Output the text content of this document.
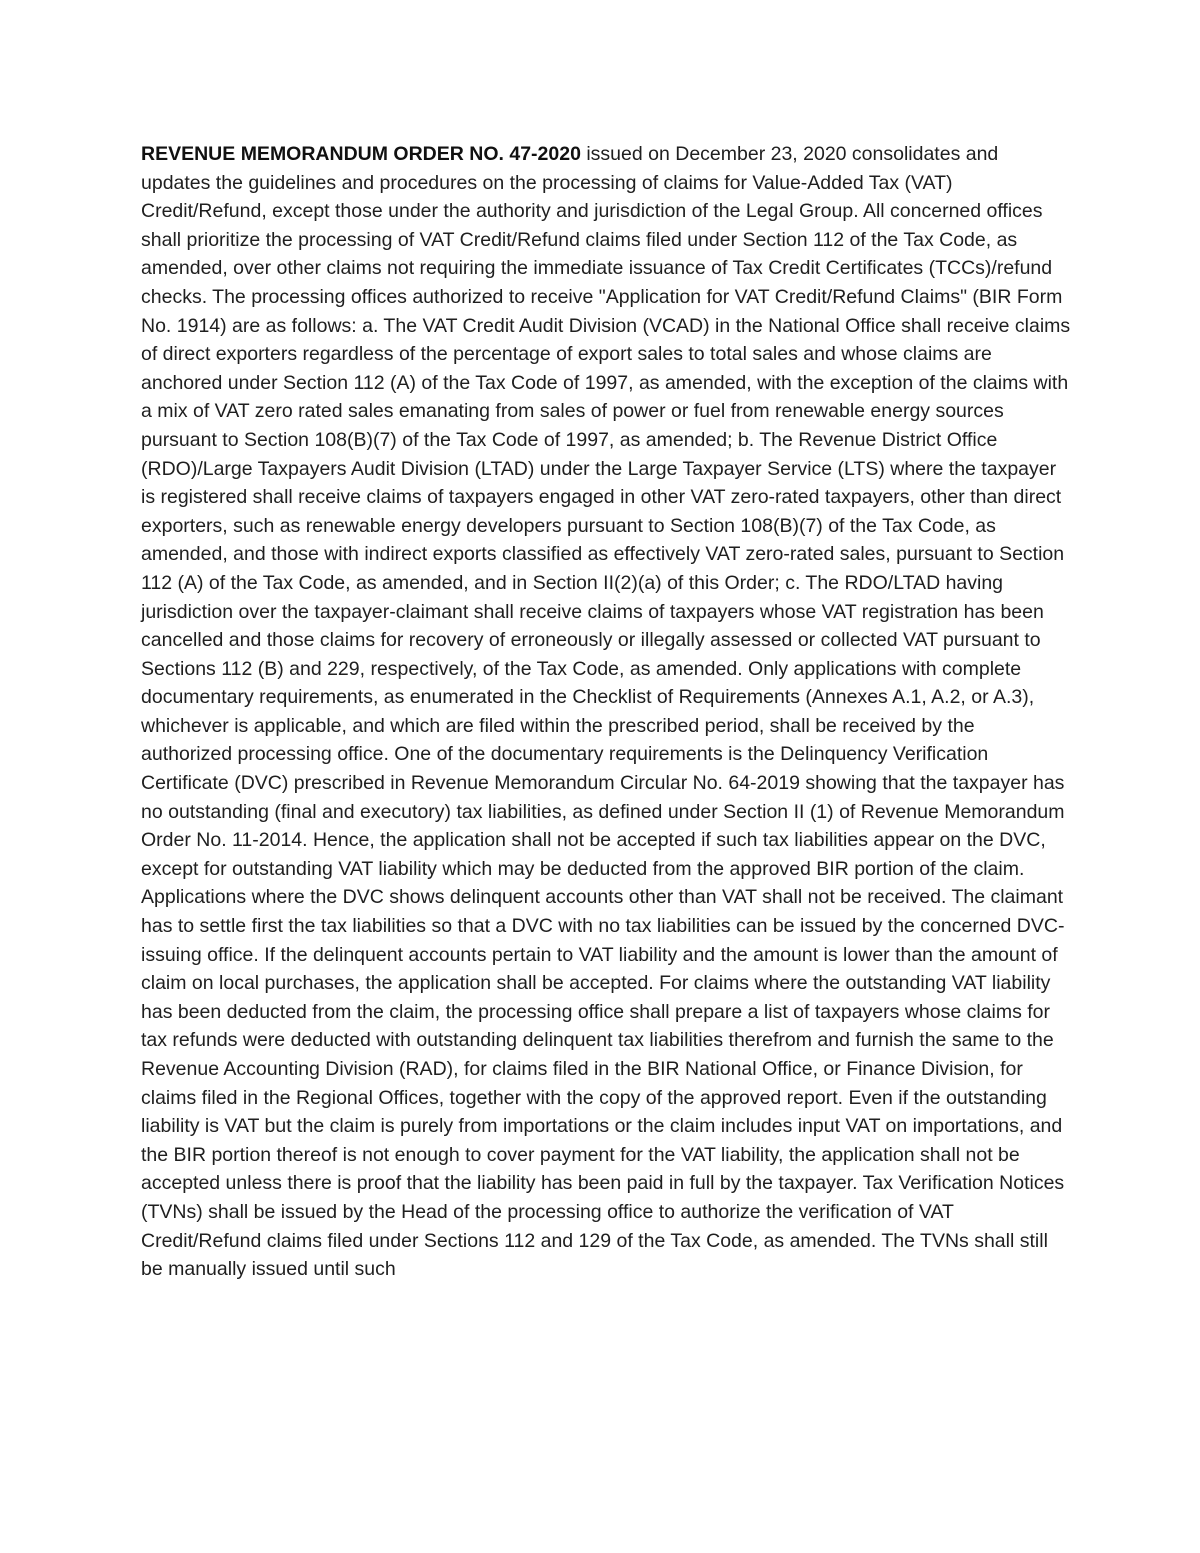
REVENUE MEMORANDUM ORDER NO. 47-2020 issued on December 23, 2020 consolidates and updates the guidelines and procedures on the processing of claims for Value-Added Tax (VAT) Credit/Refund, except those under the authority and jurisdiction of the Legal Group. All concerned offices shall prioritize the processing of VAT Credit/Refund claims filed under Section 112 of the Tax Code, as amended, over other claims not requiring the immediate issuance of Tax Credit Certificates (TCCs)/refund checks. The processing offices authorized to receive "Application for VAT Credit/Refund Claims" (BIR Form No. 1914) are as follows: a. The VAT Credit Audit Division (VCAD) in the National Office shall receive claims of direct exporters regardless of the percentage of export sales to total sales and whose claims are anchored under Section 112 (A) of the Tax Code of 1997, as amended, with the exception of the claims with a mix of VAT zero rated sales emanating from sales of power or fuel from renewable energy sources pursuant to Section 108(B)(7) of the Tax Code of 1997, as amended; b. The Revenue District Office (RDO)/Large Taxpayers Audit Division (LTAD) under the Large Taxpayer Service (LTS) where the taxpayer is registered shall receive claims of taxpayers engaged in other VAT zero-rated taxpayers, other than direct exporters, such as renewable energy developers pursuant to Section 108(B)(7) of the Tax Code, as amended, and those with indirect exports classified as effectively VAT zero-rated sales, pursuant to Section 112 (A) of the Tax Code, as amended, and in Section II(2)(a) of this Order; c. The RDO/LTAD having jurisdiction over the taxpayer-claimant shall receive claims of taxpayers whose VAT registration has been cancelled and those claims for recovery of erroneously or illegally assessed or collected VAT pursuant to Sections 112 (B) and 229, respectively, of the Tax Code, as amended. Only applications with complete documentary requirements, as enumerated in the Checklist of Requirements (Annexes A.1, A.2, or A.3), whichever is applicable, and which are filed within the prescribed period, shall be received by the authorized processing office. One of the documentary requirements is the Delinquency Verification Certificate (DVC) prescribed in Revenue Memorandum Circular No. 64-2019 showing that the taxpayer has no outstanding (final and executory) tax liabilities, as defined under Section II (1) of Revenue Memorandum Order No. 11-2014. Hence, the application shall not be accepted if such tax liabilities appear on the DVC, except for outstanding VAT liability which may be deducted from the approved BIR portion of the claim. Applications where the DVC shows delinquent accounts other than VAT shall not be received. The claimant has to settle first the tax liabilities so that a DVC with no tax liabilities can be issued by the concerned DVC-issuing office. If the delinquent accounts pertain to VAT liability and the amount is lower than the amount of claim on local purchases, the application shall be accepted. For claims where the outstanding VAT liability has been deducted from the claim, the processing office shall prepare a list of taxpayers whose claims for tax refunds were deducted with outstanding delinquent tax liabilities therefrom and furnish the same to the Revenue Accounting Division (RAD), for claims filed in the BIR National Office, or Finance Division, for claims filed in the Regional Offices, together with the copy of the approved report. Even if the outstanding liability is VAT but the claim is purely from importations or the claim includes input VAT on importations, and the BIR portion thereof is not enough to cover payment for the VAT liability, the application shall not be accepted unless there is proof that the liability has been paid in full by the taxpayer. Tax Verification Notices (TVNs) shall be issued by the Head of the processing office to authorize the verification of VAT Credit/Refund claims filed under Sections 112 and 129 of the Tax Code, as amended. The TVNs shall still be manually issued until such
